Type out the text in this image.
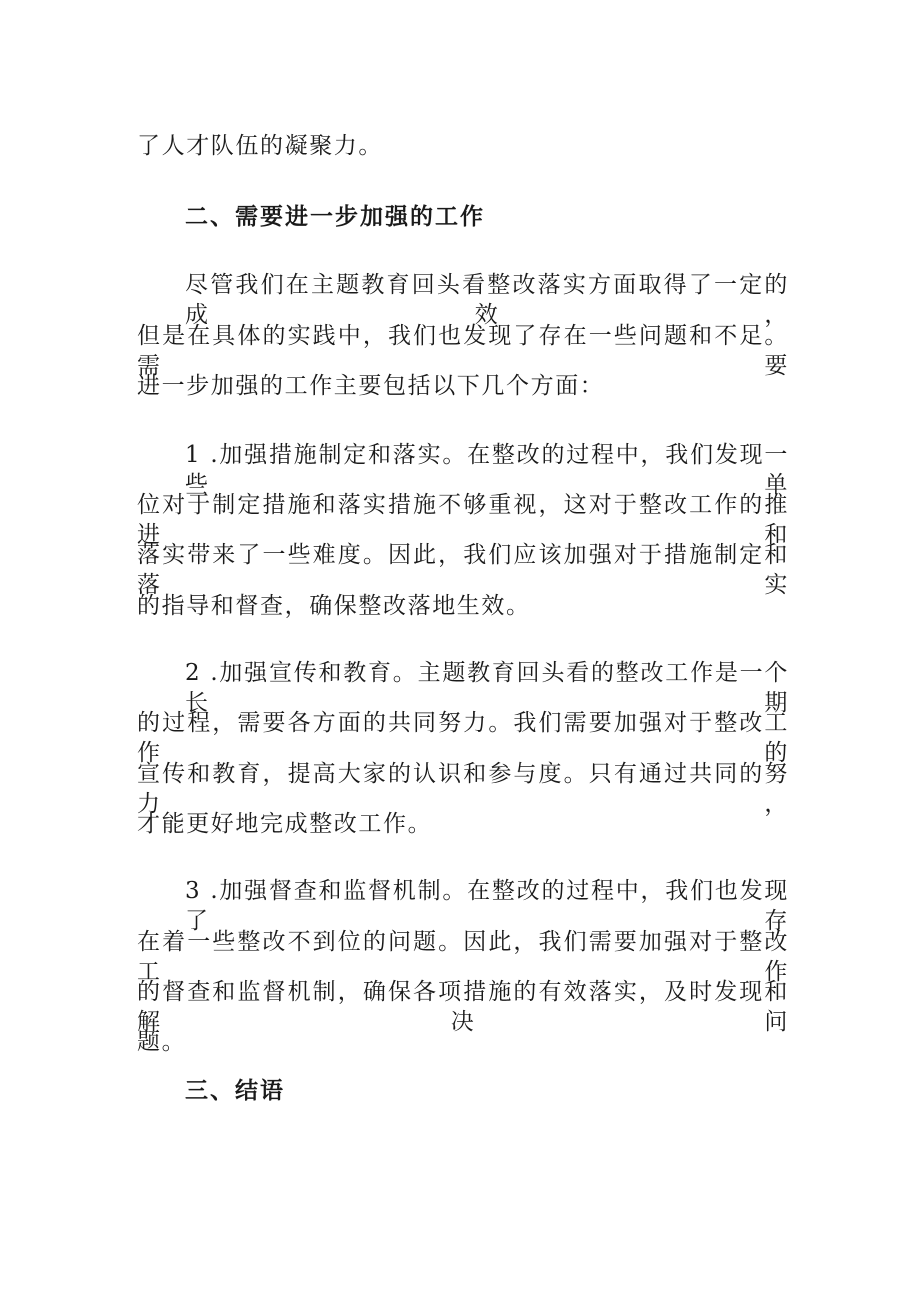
了人才队伍的凝聚力。
二、需要进一步加强的工作
尽管我们在主题教育回头看整改落实方面取得了一定的成效，
但是在具体的实践中，我们也发现了存在一些问题和不足。需要
进一步加强的工作主要包括以下几个方面：
1 .加强措施制定和落实。在整改的过程中，我们发现一些单
位对于制定措施和落实措施不够重视，这对于整改工作的推进和
落实带来了一些难度。因此，我们应该加强对于措施制定和落实
的指导和督查，确保整改落地生效。
2 .加强宣传和教育。主题教育回头看的整改工作是一个长期
的过程，需要各方面的共同努力。我们需要加强对于整改工作的
宣传和教育，提高大家的认识和参与度。只有通过共同的努力，
才能更好地完成整改工作。
3 .加强督查和监督机制。在整改的过程中，我们也发现了存
在着一些整改不到位的问题。因此，我们需要加强对于整改工作
的督查和监督机制，确保各项措施的有效落实，及时发现和解决问
题。
三、结语
